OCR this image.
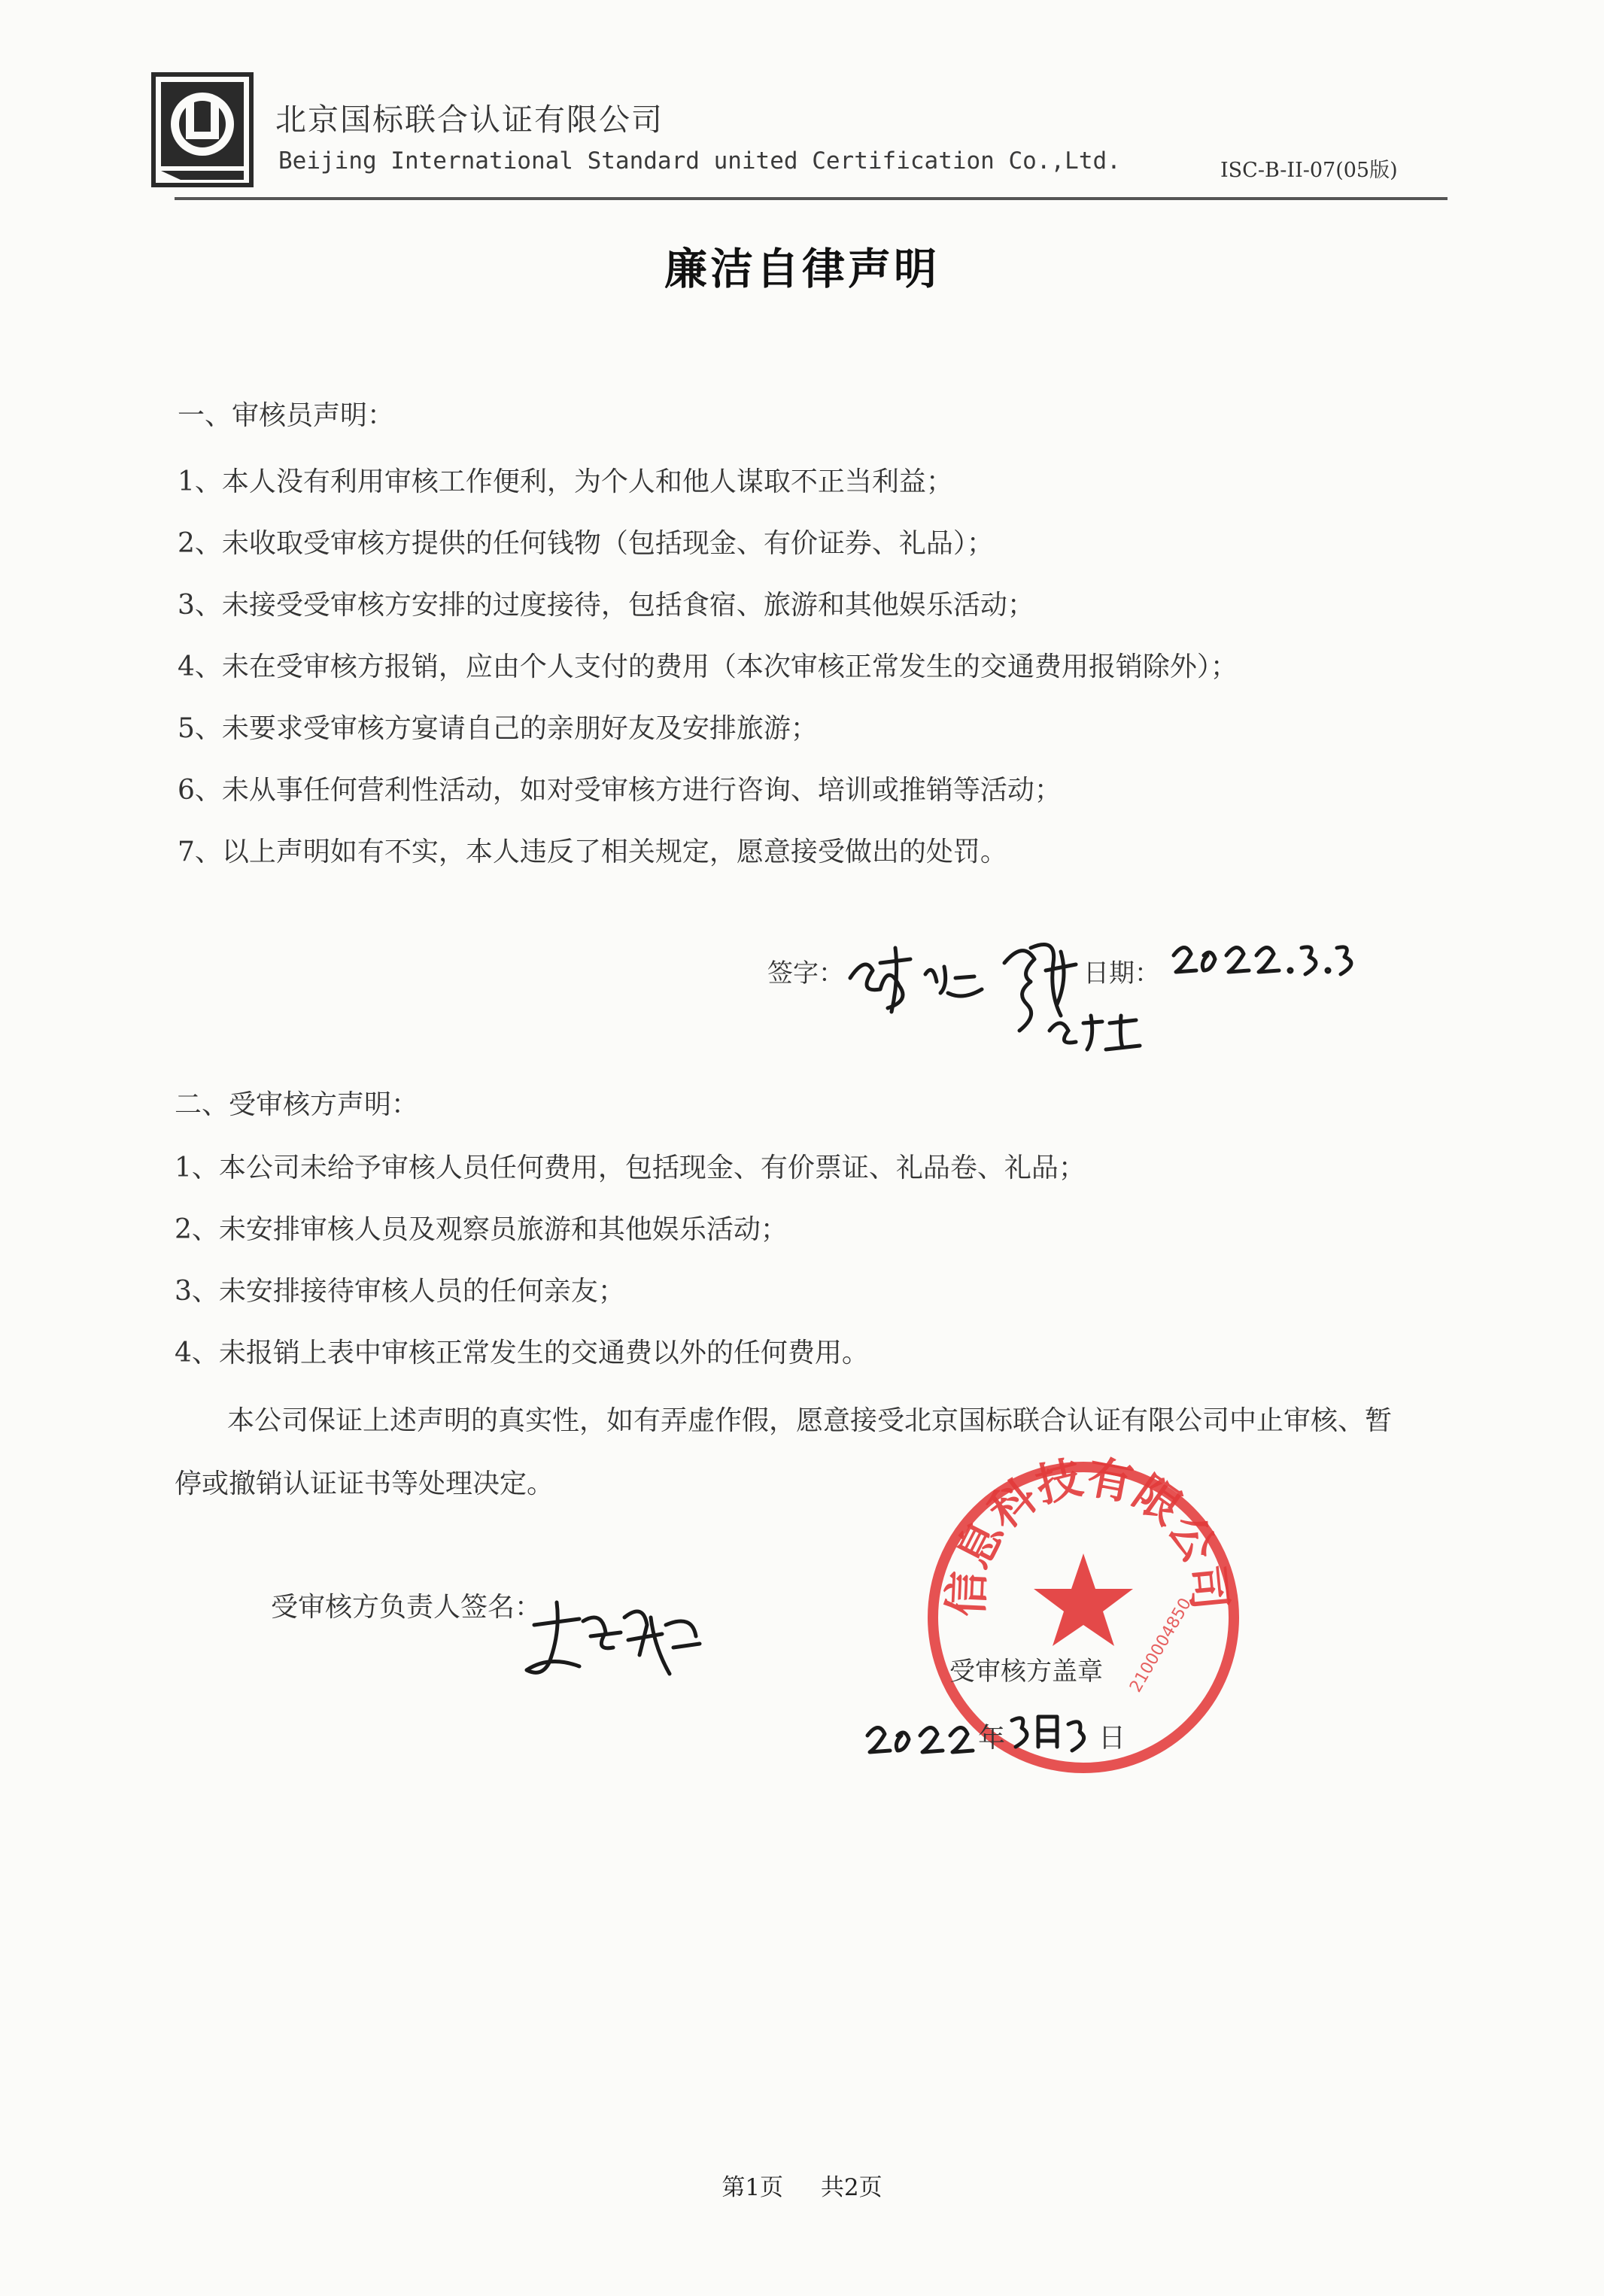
北京国标联合认证有限公司
Beijing International Standard united Certification Co.,Ltd.	ISC-B-II-07(05版)
廉洁自律声明
一、审核员声明：
1、本人没有利用审核工作便利，为个人和他人谋取不正当利益；
2、未收取受审核方提供的任何钱物（包括现金、有价证券、礼品）；
3、未接受受审核方安排的过度接待，包括食宿、旅游和其他娱乐活动；
4、未在受审核方报销，应由个人支付的费用（本次审核正常发生的交通费用报销除外）；
5、未要求受审核方宴请自己的亲朋好友及安排旅游；
6、未从事任何营利性活动，如对受审核方进行咨询、培训或推销等活动；
7、以上声明如有不实，本人违反了相关规定，愿意接受做出的处罚。
签字：	日期：
二、受审核方声明：
1、本公司未给予审核人员任何费用，包括现金、有价票证、礼品卷、礼品；
2、未安排审核人员及观察员旅游和其他娱乐活动；
3、未安排接待审核人员的任何亲友；
4、未报销上表中审核正常发生的交通费以外的任何费用。
本公司保证上述声明的真实性，如有弄虚作假，愿意接受北京国标联合认证有限公司中止审核、暂
停或撤销认证证书等处理决定。
受审核方负责人签名：	信息科技有限公司
2100004850
受审核方盖章
年	日
第1页 共2页
